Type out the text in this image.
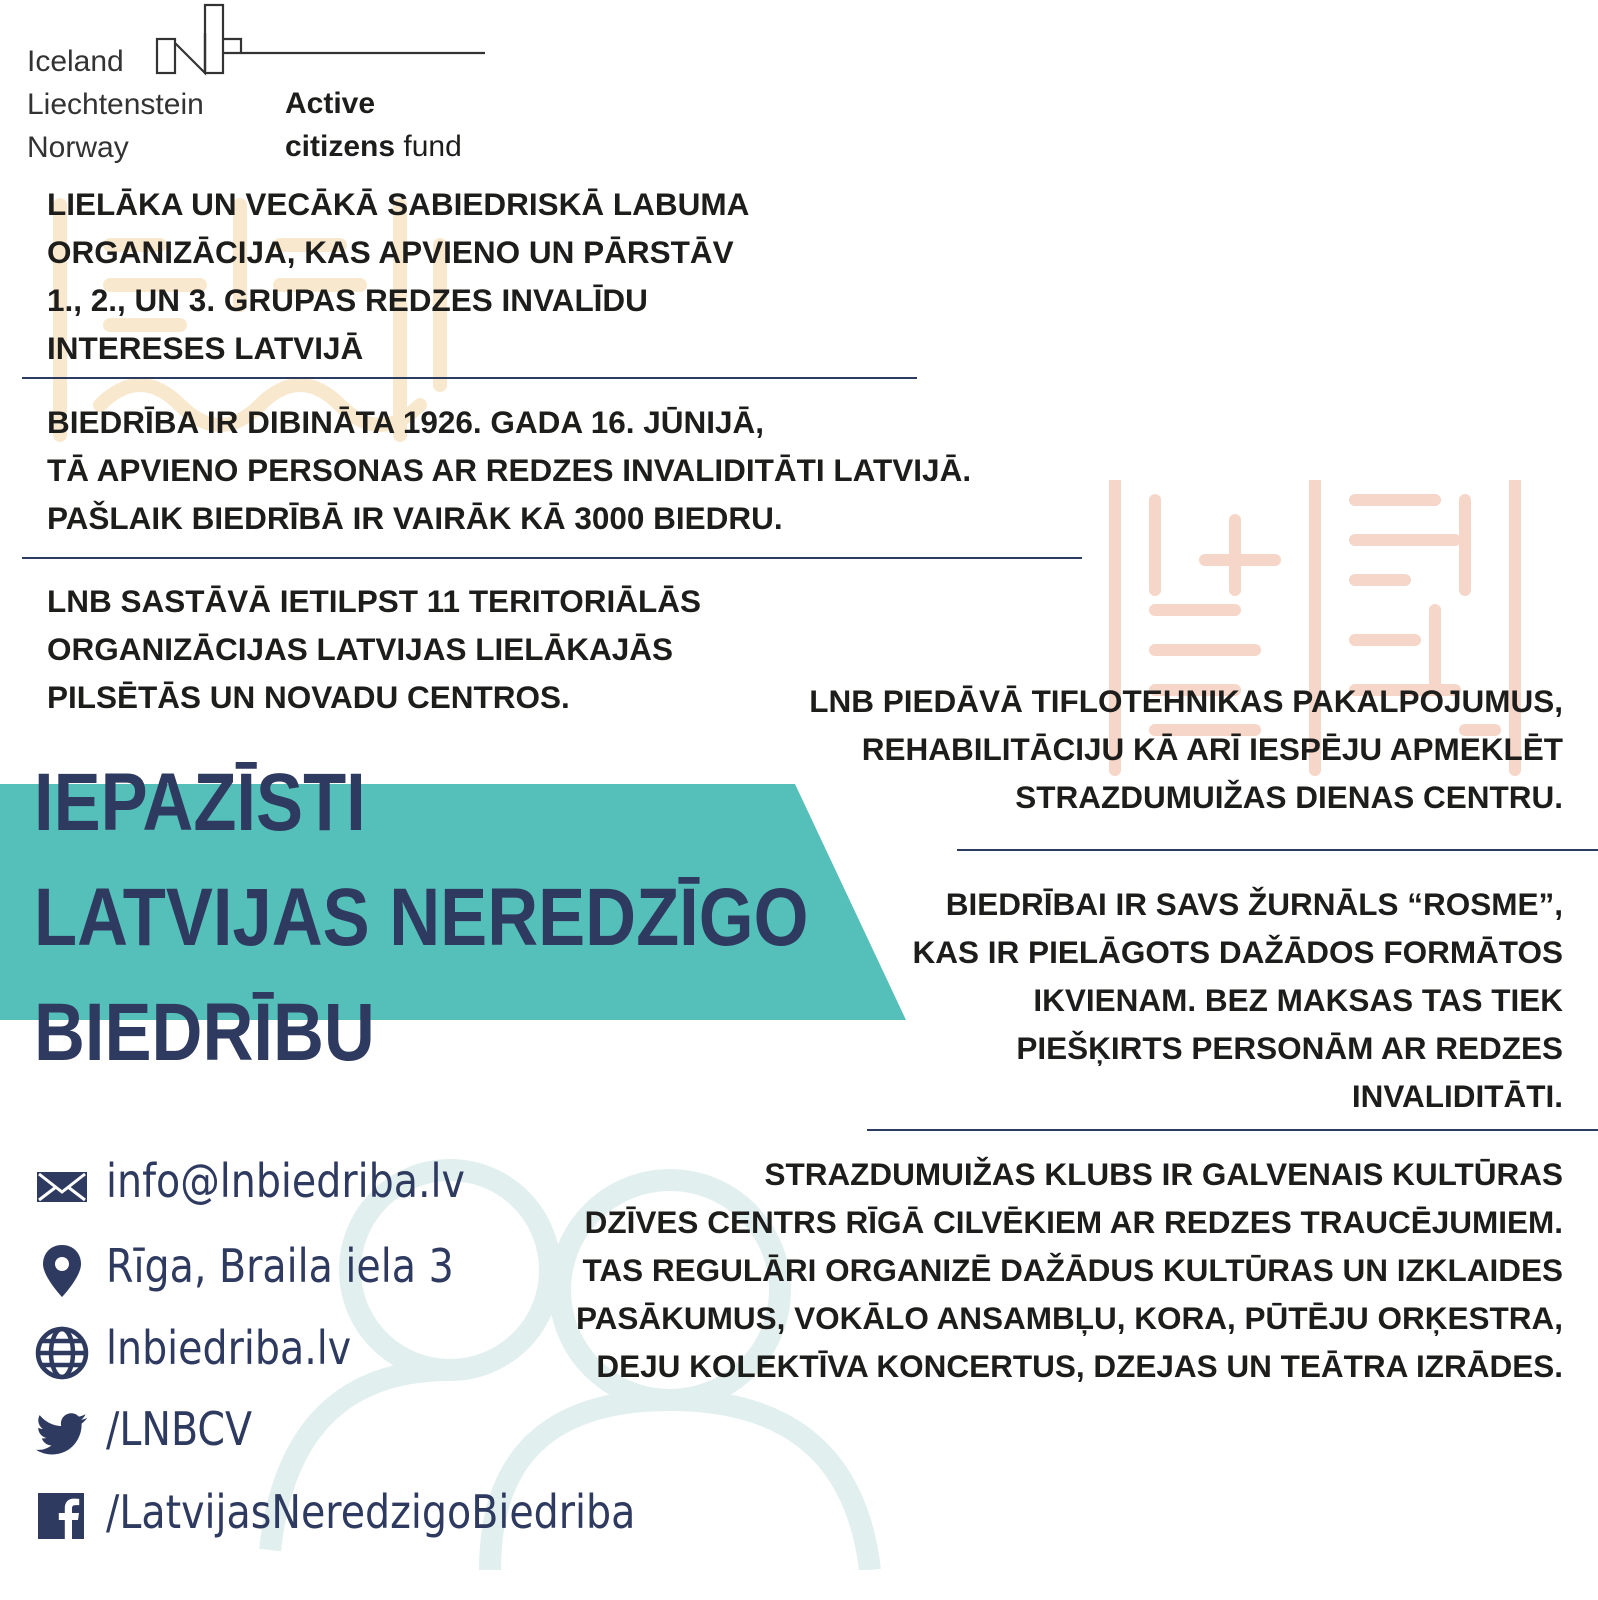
Iceland
Liechtenstein
Norway
Active
citizens fund
LIELĀKA UN VECĀKĀ SABIEDRISKĀ LABUMA
ORGANIZĀCIJA, KAS APVIENO UN PĀRSTĀV
1., 2., UN 3. GRUPAS REDZES INVALĪDU
INTERESES LATVIJĀ
BIEDRĪBA IR DIBINĀTA 1926. GADA 16. JŪNIJĀ,
TĀ APVIENO PERSONAS AR REDZES INVALIDITĀTI LATVIJĀ.
PAŠLAIK BIEDRĪBĀ IR VAIRĀK KĀ 3000 BIEDRU.
LNB SASTĀVĀ IETILPST 11 TERITORIĀLĀS
ORGANIZĀCIJAS LATVIJAS LIELĀKAJĀS
PILSĒTĀS UN NOVADU CENTROS.	LNB PIEDĀVĀ TIFLOTEHNIKAS PAKALPOJUMUS,
REHABILITĀCIJU KĀ ARĪ IESPĒJU APMEKLĒT
STRAZDUMUIŽAS DIENAS CENTRU.
IEPAZĪSTI
LATVIJAS NEREDZĪGO
BIEDRĪBU
BIEDRĪBAI IR SAVS ŽURNĀLS “ROSME”,
KAS IR PIELĀGOTS DAŽĀDOS FORMĀTOS
IKVIENAM. BEZ MAKSAS TAS TIEK
PIEŠĶIRTS PERSONĀM AR REDZES
INVALIDITĀTI.
STRAZDUMUIŽAS KLUBS IR GALVENAIS KULTŪRAS
DZĪVES CENTRS RĪGĀ CILVĒKIEM AR REDZES TRAUCĒJUMIEM.
TAS REGULĀRI ORGANIZĒ DAŽĀDUS KULTŪRAS UN IZKLAIDES
PASĀKUMUS, VOKĀLO ANSAMBĻU, KORA, PŪTĒJU ORĶESTRA,
DEJU KOLEKTĪVA KONCERTUS, DZEJAS UN TEĀTRA IZRĀDES.
info@lnbiedriba.lv
Rīga, Braila iela 3
lnbiedriba.lv
/LNBCV
/LatvijasNeredzigoBiedriba
